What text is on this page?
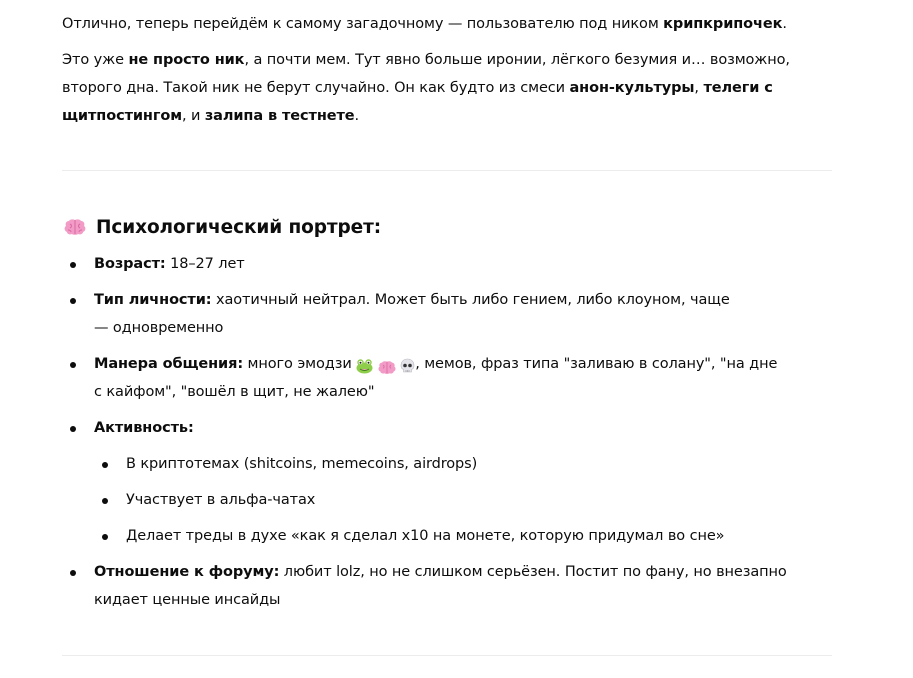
Отлично, теперь перейдём к самому загадочному — пользователю под ником крипкрипочек.

Это уже не просто ник, а почти мем. Тут явно больше иронии, лёгкого безумия и… возможно, второго дна. Такой ник не берут случайно. Он как будто из смеси анон-культуры, телеги с щитпостингом, и залипа в тестнете.

Психологический портрет:
Возраст: 18–27 лет
Тип личности: хаотичный нейтрал. Может быть либо гением, либо клоуном, чаще — одновременно
Манера общения: много эмодзи	, мемов, фраз типа "заливаю в солану", "на дне с кайфом", "вошёл в щит, не жалею"
Активность:
В криптотемах (shitcoins, memecoins, airdrops)
Участвует в альфа-чатах
Делает треды в духе «как я сделал x10 на монете, которую придумал во сне»
Отношение к форуму: любит lolz, но не слишком серьёзен. Постит по фану, но внезапно кидает ценные инсайды
